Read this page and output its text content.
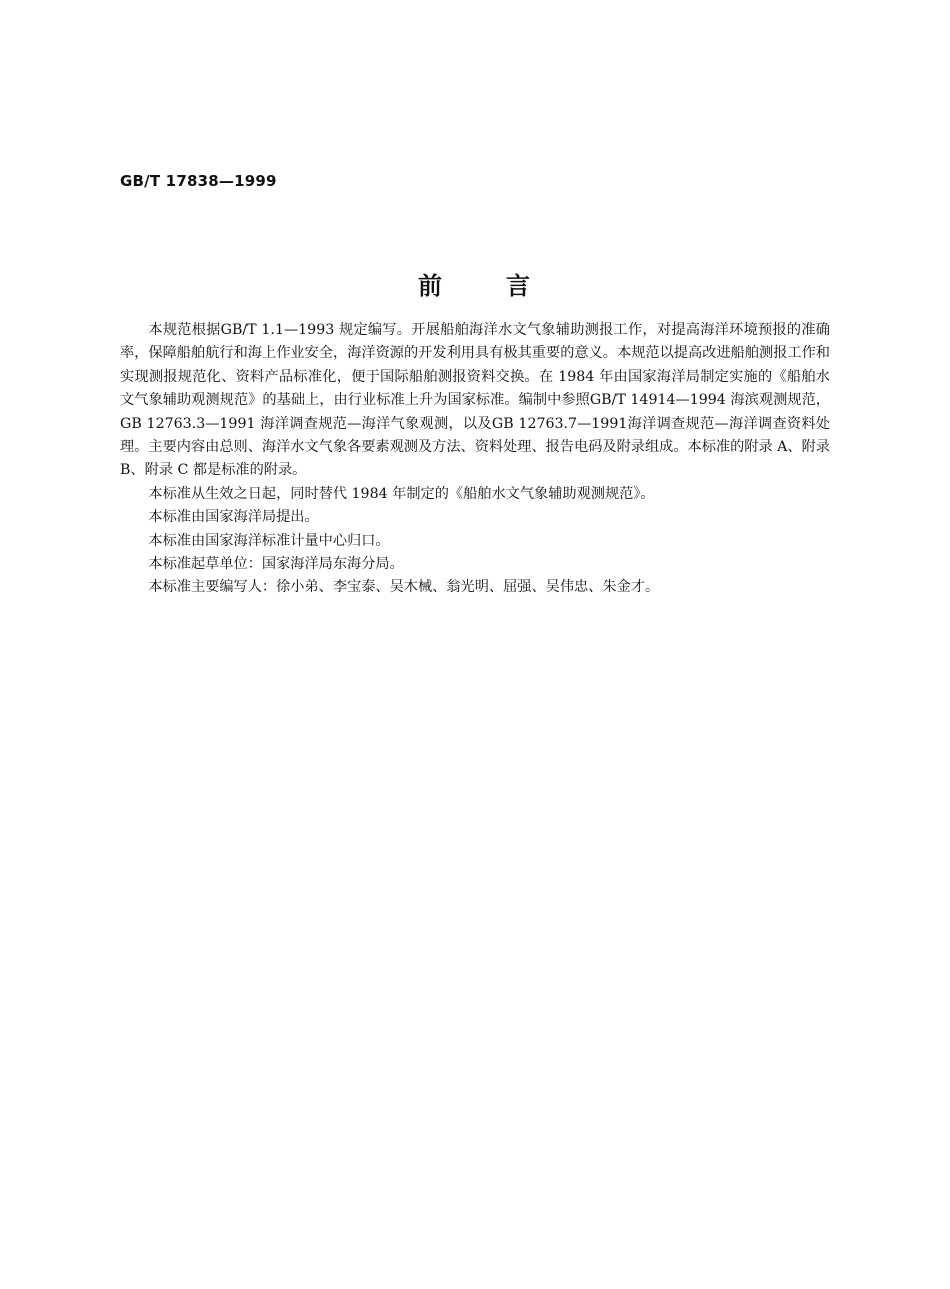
GB/T 17838—1999
前	言

本规范根据GB/T 1.1—1993 规定编写。开展船舶海洋水文气象辅助测报工作，对提高海洋环境预报的准确率，保障船舶航行和海上作业安全，海洋资源的开发利用具有极其重要的意义。本规范以提高改进船舶测报工作和实现测报规范化、资料产品标准化，便于国际船舶测报资料交换。在 1984 年由国家海洋局制定实施的《船舶水文气象辅助观测规范》的基础上，由行业标准上升为国家标准。编制中参照GB/T 14914—1994 海滨观测规范，GB 12763.3—1991 海洋调查规范—海洋气象观测，以及GB 12763.7—1991海洋调查规范—海洋调查资料处理。主要内容由总则、海洋水文气象各要素观测及方法、资料处理、报告电码及附录组成。本标准的附录 A、附录 B、附录 C 都是标准的附录。

本标准从生效之日起，同时替代 1984 年制定的《船舶水文气象辅助观测规范》。

本标准由国家海洋局提出。

本标准由国家海洋标准计量中心归口。

本标准起草单位：国家海洋局东海分局。

本标准主要编写人：徐小弟、李宝泰、吴木械、翁光明、屈强、吴伟忠、朱金才。
